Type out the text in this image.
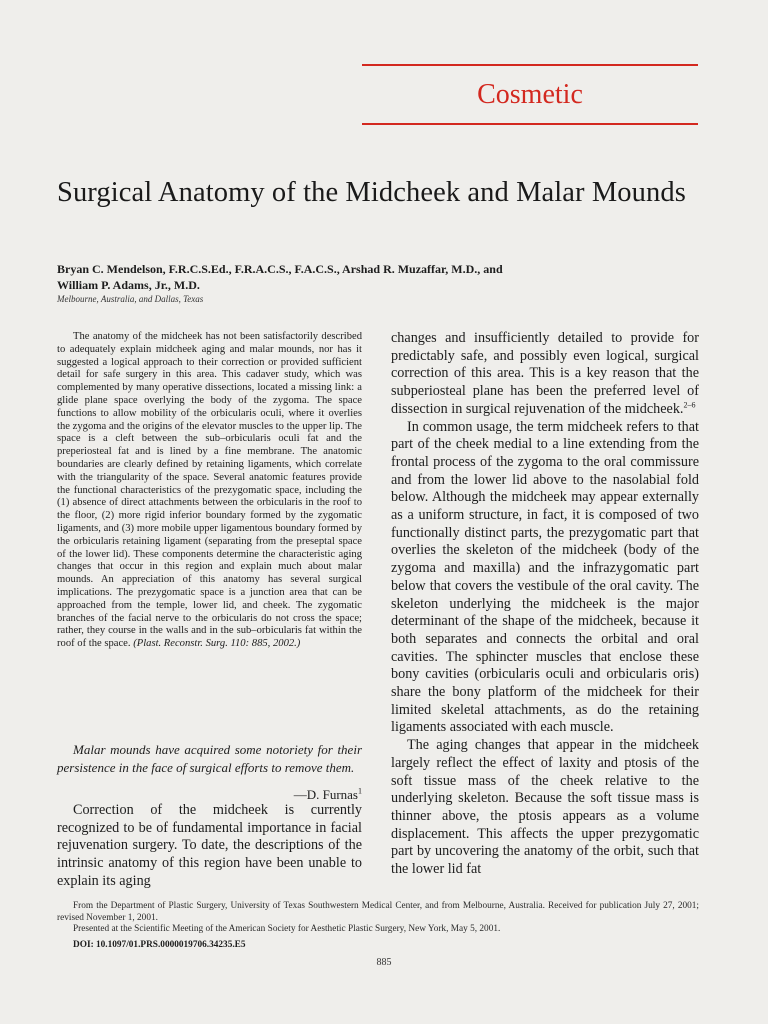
Cosmetic
Surgical Anatomy of the Midcheek and Malar Mounds
Bryan C. Mendelson, F.R.C.S.Ed., F.R.A.C.S., F.A.C.S., Arshad R. Muzaffar, M.D., and
William P. Adams, Jr., M.D.
Melbourne, Australia, and Dallas, Texas

The anatomy of the midcheek has not been satisfactorily described to adequately explain midcheek aging and malar mounds, nor has it suggested a logical approach to their correction or provided sufficient detail for safe surgery in this area. This cadaver study, which was complemented by many operative dissections, located a missing link: a glide plane space overlying the body of the zygoma. The space functions to allow mobility of the orbicularis oculi, where it overlies the zygoma and the origins of the elevator muscles to the upper lip. The space is a cleft between the sub–orbicularis oculi fat and the preperiosteal fat and is lined by a fine membrane. The anatomic boundaries are clearly defined by retaining ligaments, which correlate with the triangularity of the space. Several anatomic features provide the functional characteristics of the prezygomatic space, including the (1) absence of direct attachments between the orbicularis in the roof to the floor, (2) more rigid inferior boundary formed by the zygomatic ligaments, and (3) more mobile upper ligamentous boundary formed by the orbicularis retaining ligament (separating from the preseptal space of the lower lid). These components determine the characteristic aging changes that occur in this region and explain much about malar mounds. An appreciation of this anatomy has several surgical implications. The prezygomatic space is a junction area that can be approached from the temple, lower lid, and cheek. The zygomatic branches of the facial nerve to the orbicularis do not cross the space; rather, they course in the walls and in the sub–orbicularis fat within the roof of the space. (Plast. Reconstr. Surg. 110: 885, 2002.)

Malar mounds have acquired some notoriety for their persistence in the face of surgical efforts to remove them.

—D. Furnas$^1$

Correction of the midcheek is currently recognized to be of fundamental importance in facial rejuvenation surgery. To date, the descriptions of the intrinsic anatomy of this region have been unable to explain its aging

changes and insufficiently detailed to provide for predictably safe, and possibly even logical, surgical correction of this area. This is a key reason that the subperiosteal plane has been the preferred level of dissection in surgical rejuvenation of the midcheek.$^{2-6}$

In common usage, the term midcheek refers to that part of the cheek medial to a line extending from the frontal process of the zygoma to the oral commissure and from the lower lid above to the nasolabial fold below. Although the midcheek may appear externally as a uniform structure, in fact, it is composed of two functionally distinct parts, the prezygomatic part that overlies the skeleton of the midcheek (body of the zygoma and maxilla) and the infrazygomatic part below that covers the vestibule of the oral cavity. The skeleton underlying the midcheek is the major determinant of the shape of the midcheek, because it both separates and connects the orbital and oral cavities. The sphincter muscles that enclose these bony cavities (orbicularis oculi and orbicularis oris) share the bony platform of the midcheek for their limited skeletal attachments, as do the retaining ligaments associated with each muscle.

The aging changes that appear in the midcheek largely reflect the effect of laxity and ptosis of the soft tissue mass of the cheek relative to the underlying skeleton. Because the soft tissue mass is thinner above, the ptosis appears as a volume displacement. This affects the upper prezygomatic part by uncovering the anatomy of the orbit, such that the lower lid fat

From the Department of Plastic Surgery, University of Texas Southwestern Medical Center, and from Melbourne, Australia. Received for publication July 27, 2001; revised November 1, 2001.

Presented at the Scientific Meeting of the American Society for Aesthetic Plastic Surgery, New York, May 5, 2001.

DOI: 10.1097/01.PRS.0000019706.34235.E5
885
